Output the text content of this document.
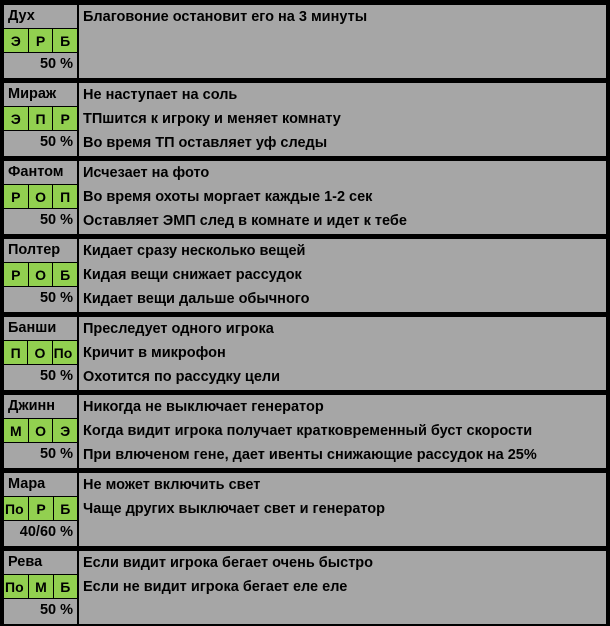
Дух
Э	Р	Б
50 %
Благовоние остановит его на 3 минуты
Мираж
Э	П	Р
50 %
Не наступает на соль
ТПшится к игроку и меняет комнату
Во время ТП оставляет уф следы
Фантом
Р	О	П
50 %
Исчезает на фото
Во время охоты моргает каждые 1-2 сек
Оставляет ЭМП след в комнате и идет к тебе
Полтер
Р	О	Б
50 %
Кидает сразу несколько вещей
Кидая вещи снижает рассудок
Кидает вещи дальше обычного
Банши
П О По
50 %
Преследует одного игрока
Кричит в микрофон
Охотится по рассудку цели
Джинн
М О	Э
50 %
Никогда не выключает генератор
Когда видит игрока получает кратковременный буст скорости
При влюченом гене, дает ивенты снижающие рассудок на 25%
Мара
По Р	Б
40/60 %
Не может включить свет
Чаще других выключает свет и генератор
Рева
По М Б
50 %
Если видит игрока бегает очень быстро
Если не видит игрока бегает еле еле
